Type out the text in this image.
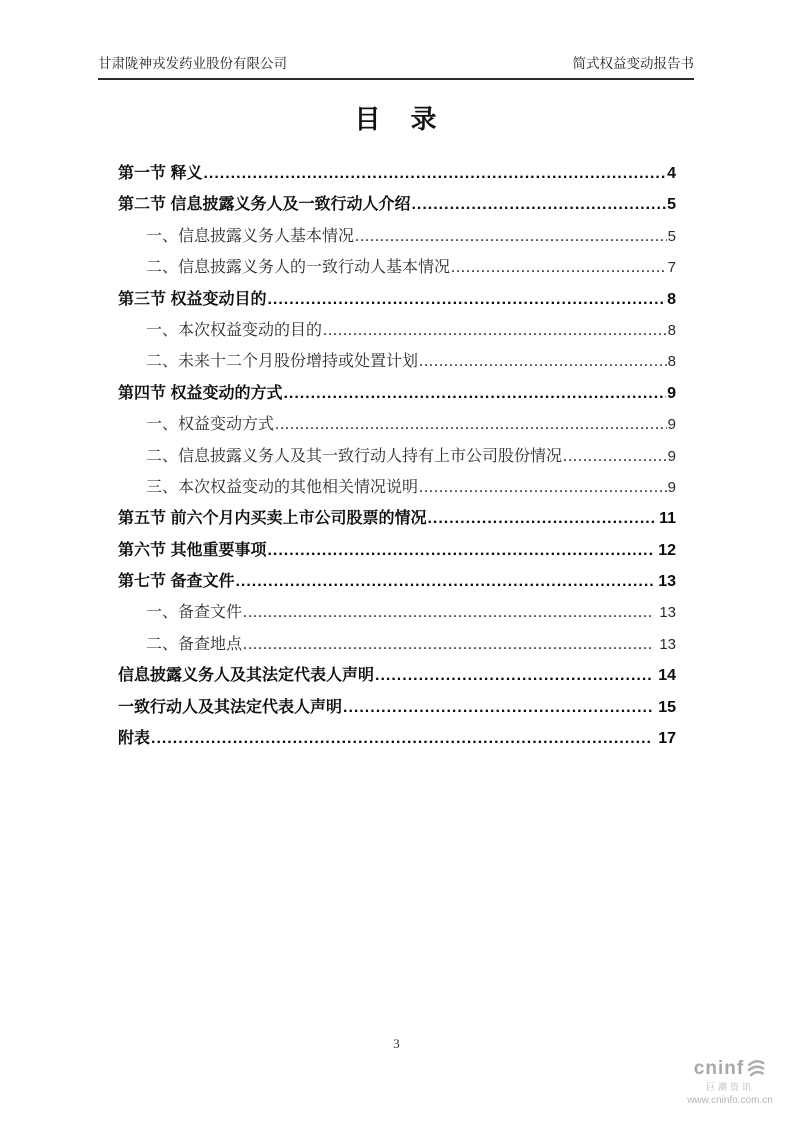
甘肃陇神戎发药业股份有限公司	简式权益变动报告书
目　录
第一节 释义 .....	4
第二节 信息披露义务人及一致行动人介绍 .....	5
一、信息披露义务人基本情况 .....	5
二、信息披露义务人的一致行动人基本情况 .....	7
第三节 权益变动目的 .....	8
一、本次权益变动的目的 .....	8
二、未来十二个月股份增持或处置计划 .....	8
第四节 权益变动的方式 .....	9
一、权益变动方式 .....	9
二、信息披露义务人及其一致行动人持有上市公司股份情况 .....	9
三、本次权益变动的其他相关情况说明 .....	9
第五节 前六个月内买卖上市公司股票的情况 .....	11
第六节 其他重要事项 .....	12
第七节 备查文件 .....	13
一、备查文件 .....	13
二、备查地点 .....	13
信息披露义务人及其法定代表人声明 .....	14
一致行动人及其法定代表人声明 .....	15
附表 .....	17
3
cninf
巨潮资讯
www.cninfo.com.cn
